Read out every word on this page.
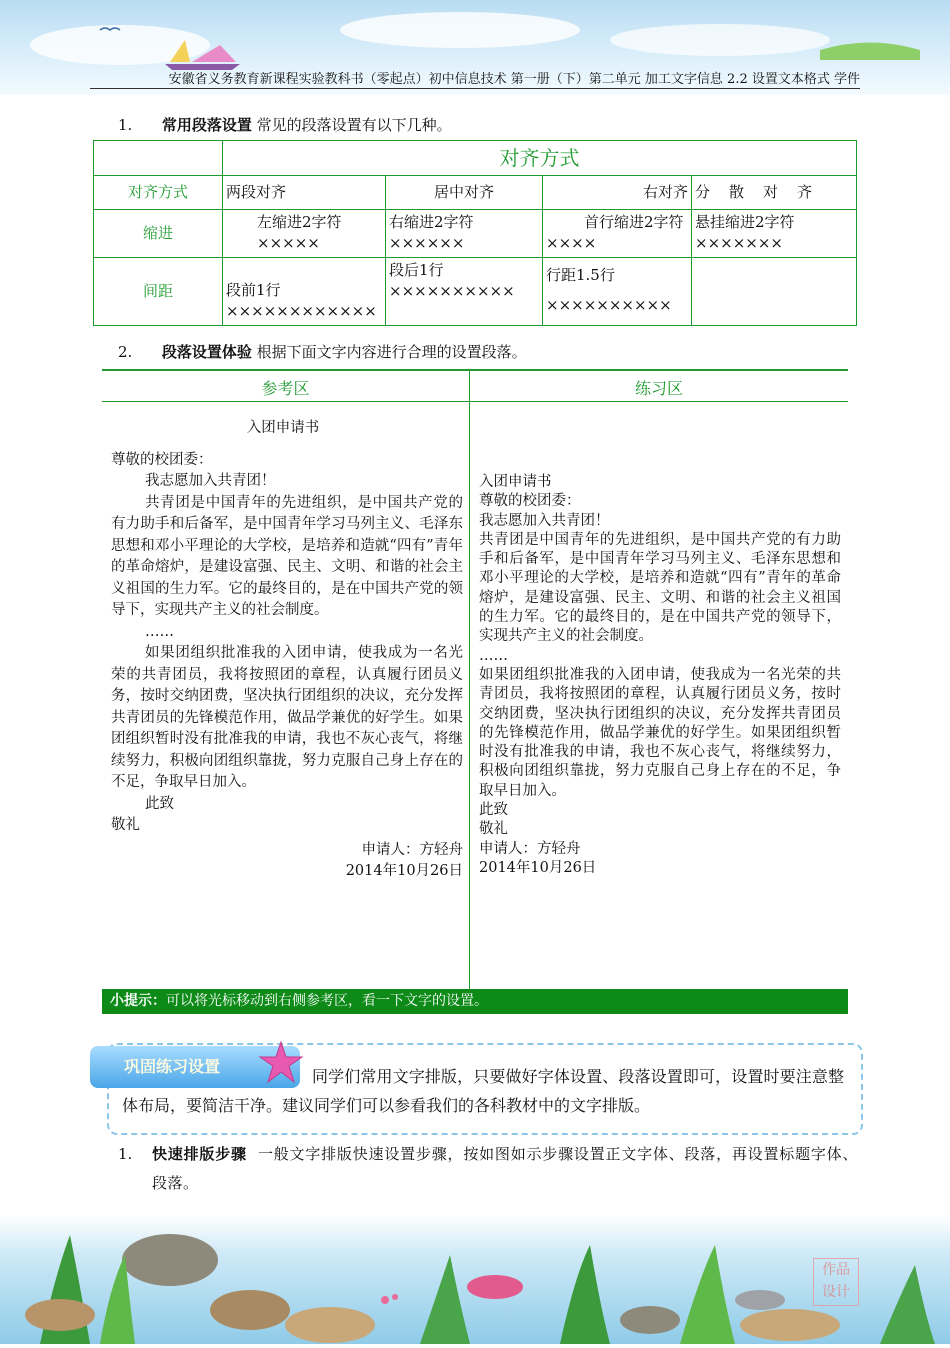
安徽省义务教育新课程实验教科书（零起点）初中信息技术 第一册（下）第二单元 加工文字信息 2.2 设置文本格式 学件
1. 常用段落设置 常见的段落设置有以下几种。
	对齐方式			
对齐方式	两段对齐	居中对齐	右对齐	分　散　对　齐
缩进	左缩进2字符×××××	右缩进2字符××××××	首行缩进2字符××××	悬挂缩进2字符×××××××
间距	段前1行××××××××××××	段后1行××××××××××	行距1.5行××××××××××	
2. 段落设置体验 根据下面文字内容进行合理的设置段落。
参考区	练习区
入团申请书
尊敬的校团委：
我志愿加入共青团！
共青团是中国青年的先进组织，是中国共产党的有力助手和后备军，是中国青年学习马列主义、毛泽东思想和邓小平理论的大学校，是培养和造就“四有”青年的革命熔炉，是建设富强、民主、文明、和谐的社会主义祖国的生力军。它的最终目的，是在中国共产党的领导下，实现共产主义的社会制度。
……
如果团组织批准我的入团申请，使我成为一名光荣的共青团员，我将按照团的章程，认真履行团员义务，按时交纳团费，坚决执行团组织的决议，充分发挥共青团员的先锋模范作用，做品学兼优的好学生。如果团组织暂时没有批准我的申请，我也不灰心丧气，将继续努力，积极向团组织靠拢，努力克服自己身上存在的不足，争取早日加入。
此致
敬礼
申请人：方轻舟
2014年10月26日
入团申请书
尊敬的校团委：
我志愿加入共青团！
共青团是中国青年的先进组织，是中国共产党的有力助手和后备军，是中国青年学习马列主义、毛泽东思想和邓小平理论的大学校，是培养和造就“四有”青年的革命熔炉，是建设富强、民主、文明、和谐的社会主义祖国的生力军。它的最终目的，是在中国共产党的领导下，实现共产主义的社会制度。
……
如果团组织批准我的入团申请，使我成为一名光荣的共青团员，我将按照团的章程，认真履行团员义务，按时交纳团费，坚决执行团组织的决议，充分发挥共青团员的先锋模范作用，做品学兼优的好学生。如果团组织暂时没有批准我的申请，我也不灰心丧气，将继续努力，积极向团组织靠拢，努力克服自己身上存在的不足，争取早日加入。
此致
敬礼
申请人：方轻舟
2014年10月26日
小提示：可以将光标移动到右侧参考区，看一下文字的设置。
巩固练习设置
同学们常用文字排版，只要做好字体设置、段落设置即可，设置时要注意整体布局，要简洁干净。建议同学们可以参看我们的各科教材中的文字排版。
1.	快速排版步骤 一般文字排版快速设置步骤，按如图如示步骤设置正文字体、段落，再设置标题字体、段落。
作品 设计
